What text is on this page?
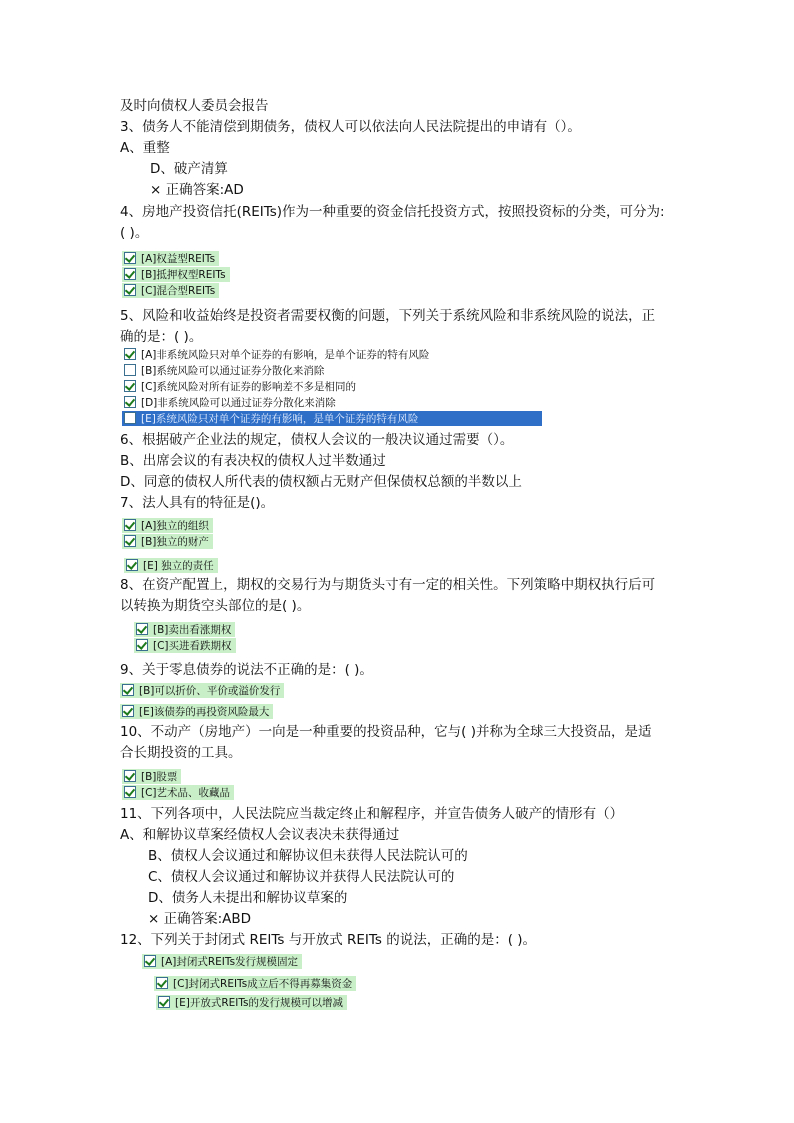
及时向债权人委员会报告
3、债务人不能清偿到期债务，债权人可以依法向人民法院提出的申请有（）。
A、重整
D、破产清算
× 正确答案:AD
4、房地产投资信托(REITs)作为一种重要的资金信托投资方式，按照投资标的分类，可分为:
( )。
[A]权益型REITs
[B]抵押权型REITs
[C]混合型REITs
5、风险和收益始终是投资者需要权衡的问题，下列关于系统风险和非系统风险的说法，正
确的是：( )。
[A]非系统风险只对单个证券的有影响，是单个证券的特有风险
[B]系统风险可以通过证券分散化来消除
[C]系统风险对所有证券的影响差不多是相同的
[D]非系统风险可以通过证券分散化来消除
[E]系统风险只对单个证券的有影响，是单个证券的特有风险
6、根据破产企业法的规定，债权人会议的一般决议通过需要（）。
B、出席会议的有表决权的债权人过半数通过
D、同意的债权人所代表的债权额占无财产但保债权总额的半数以上
7、法人具有的特征是()。
[A]独立的组织
[B]独立的财产
[E] 独立的责任
8、在资产配置上，期权的交易行为与期货头寸有一定的相关性。下列策略中期权执行后可
以转换为期货空头部位的是( )。
[B]卖出看涨期权
[C]买进看跌期权
9、关于零息债券的说法不正确的是：( )。
[B]可以折价、平价或溢价发行
[E]该债券的再投资风险最大
10、不动产（房地产）一向是一种重要的投资品种，它与( )并称为全球三大投资品，是适
合长期投资的工具。
[B]股票
[C]艺术品、收藏品
11、下列各项中，人民法院应当裁定终止和解程序，并宣告债务人破产的情形有（）
A、和解协议草案经债权人会议表决未获得通过
B、债权人会议通过和解协议但未获得人民法院认可的
C、债权人会议通过和解协议并获得人民法院认可的
D、债务人未提出和解协议草案的
× 正确答案:ABD
12、下列关于封闭式 REITs 与开放式 REITs 的说法，正确的是：( )。
[A]封闭式REITs发行规模固定
[C]封闭式REITs成立后不得再募集资金
[E]开放式REITs的发行规模可以增减
